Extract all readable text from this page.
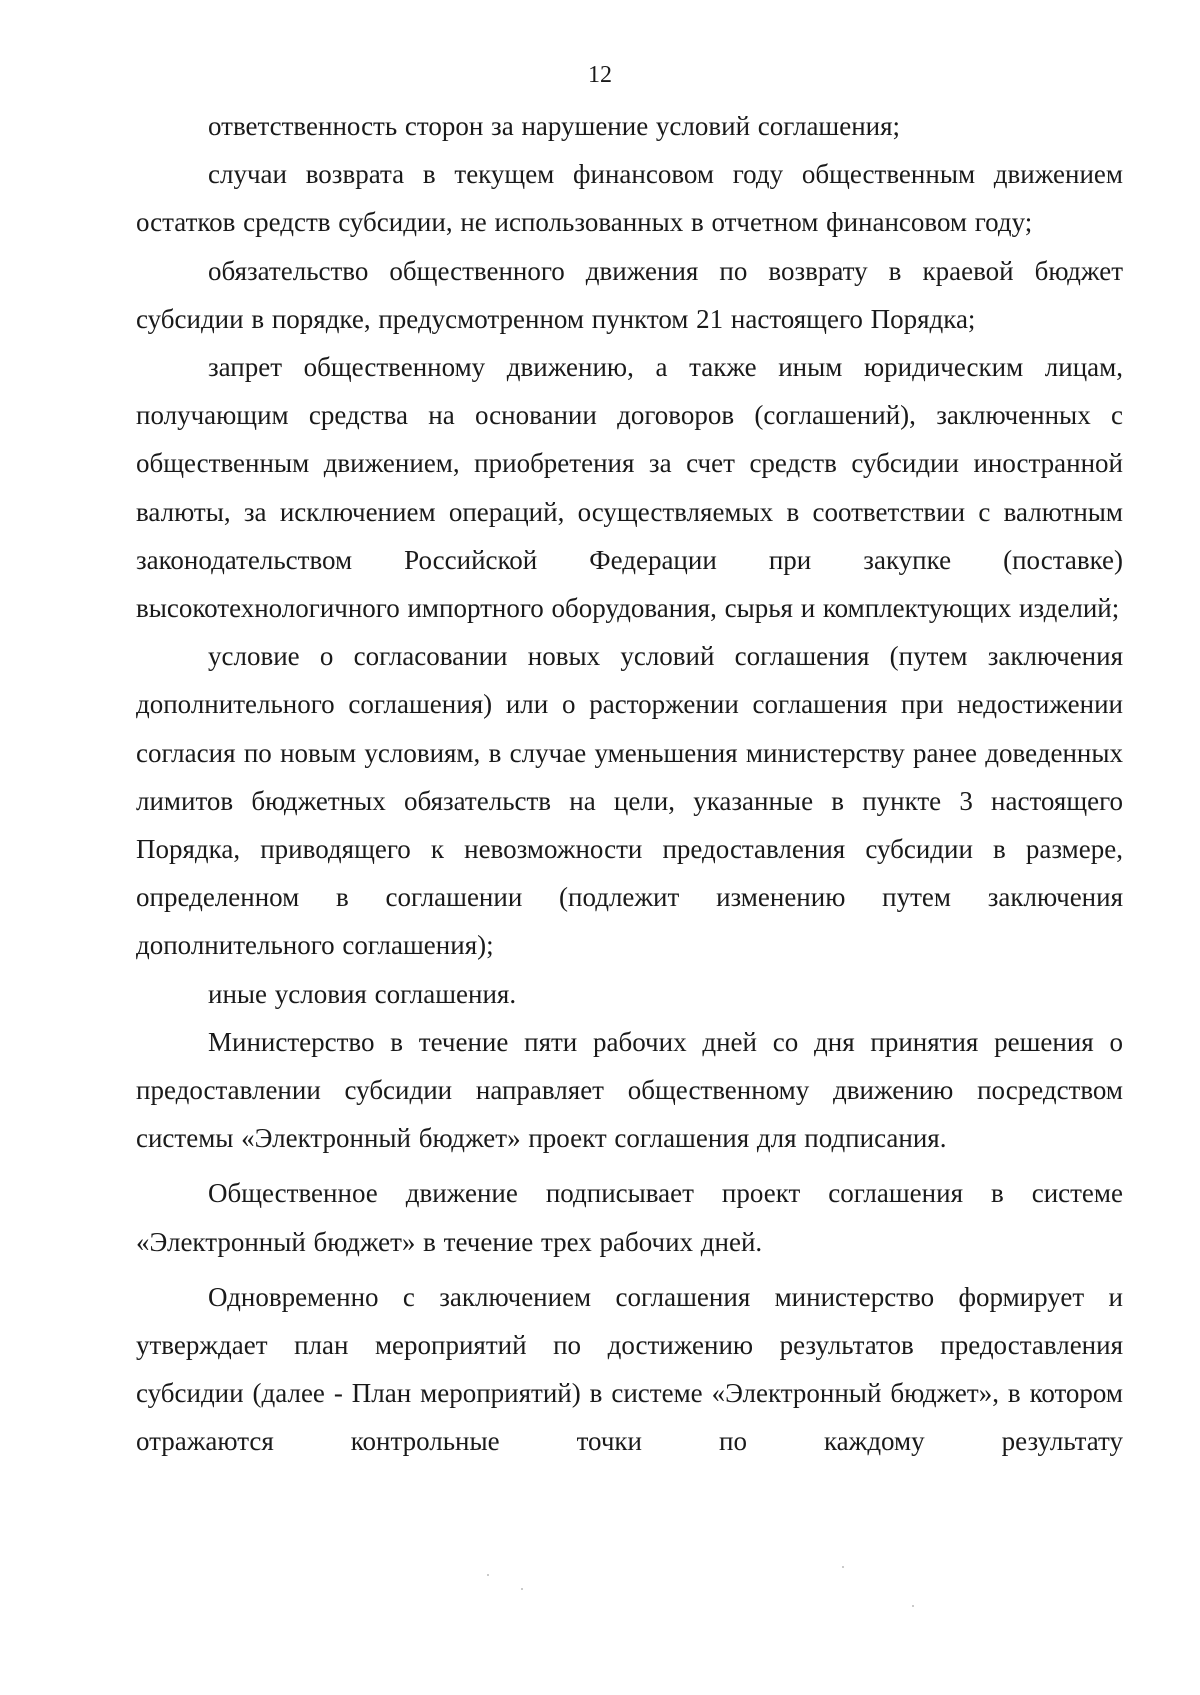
12

ответственность сторон за нарушение условий соглашения;

случаи возврата в текущем финансовом году общественным движением остатков средств субсидии, не использованных в отчетном финансовом году;

обязательство общественного движения по возврату в краевой бюджет субсидии в порядке, предусмотренном пунктом 21 настоящего Порядка;

запрет общественному движению, а также иным юридическим лицам, получающим средства на основании договоров (соглашений), заключенных с общественным движением, приобретения за счет средств субсидии иностранной валюты, за исключением операций, осуществляемых в соответствии с валютным законодательством Российской Федерации при закупке (поставке) высокотехнологичного импортного оборудования, сырья и комплектующих изделий;

условие о согласовании новых условий соглашения (путем заключения дополнительного соглашения) или о расторжении соглашения при недостижении согласия по новым условиям, в случае уменьшения министерству ранее доведенных лимитов бюджетных обязательств на цели, указанные в пункте 3 настоящего Порядка, приводящего к невозможности предоставления субсидии в размере, определенном в соглашении (подлежит изменению путем заключения дополнительного соглашения);

иные условия соглашения.

Министерство в течение пяти рабочих дней со дня принятия решения о предоставлении субсидии направляет общественному движению посредством системы «Электронный бюджет» проект соглашения для подписания.

Общественное движение подписывает проект соглашения в системе «Электронный бюджет» в течение трех рабочих дней.

Одновременно с заключением соглашения министерство формирует и утверждает план мероприятий по достижению результатов предоставления субсидии (далее - План мероприятий) в системе «Электронный бюджет», в котором отражаются контрольные точки по каждому результату
